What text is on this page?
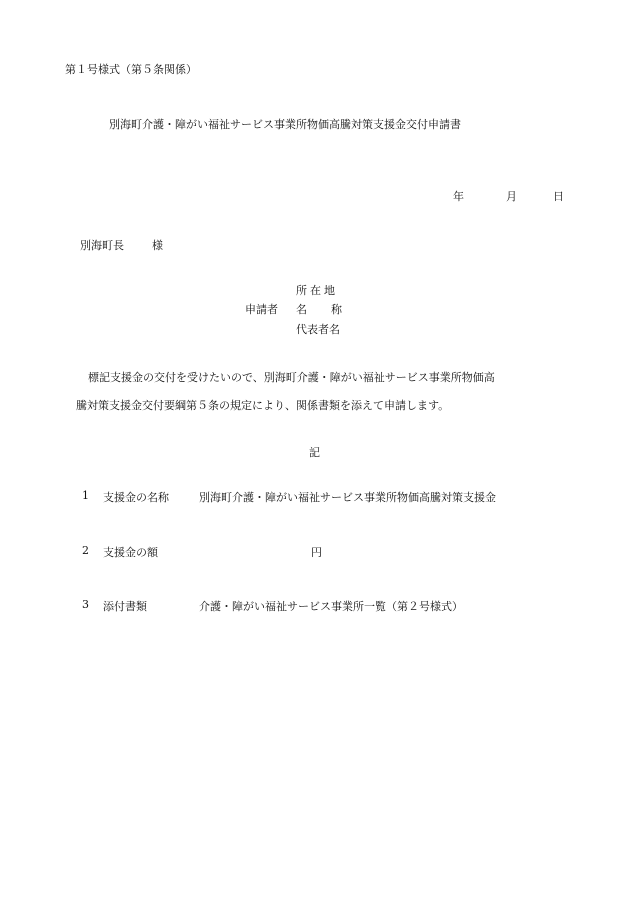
第１号様式（第５条関係）
別海町介護・障がい福祉サービス事業所物価高騰対策支援金交付申請書
年	月	日
別海町長	様
所在地
申請者 名 称
代表者名
標記支援金の交付を受けたいので、別海町介護・障がい福祉サービス事業所物価高
騰対策支援金交付要綱第５条の規定により、関係書類を添えて申請します。
記
1 支援金の名称	別海町介護・障がい福祉サービス事業所物価高騰対策支援金
2 支援金の額	円
3 添付書類	介護・障がい福祉サービス事業所一覧（第２号様式）
